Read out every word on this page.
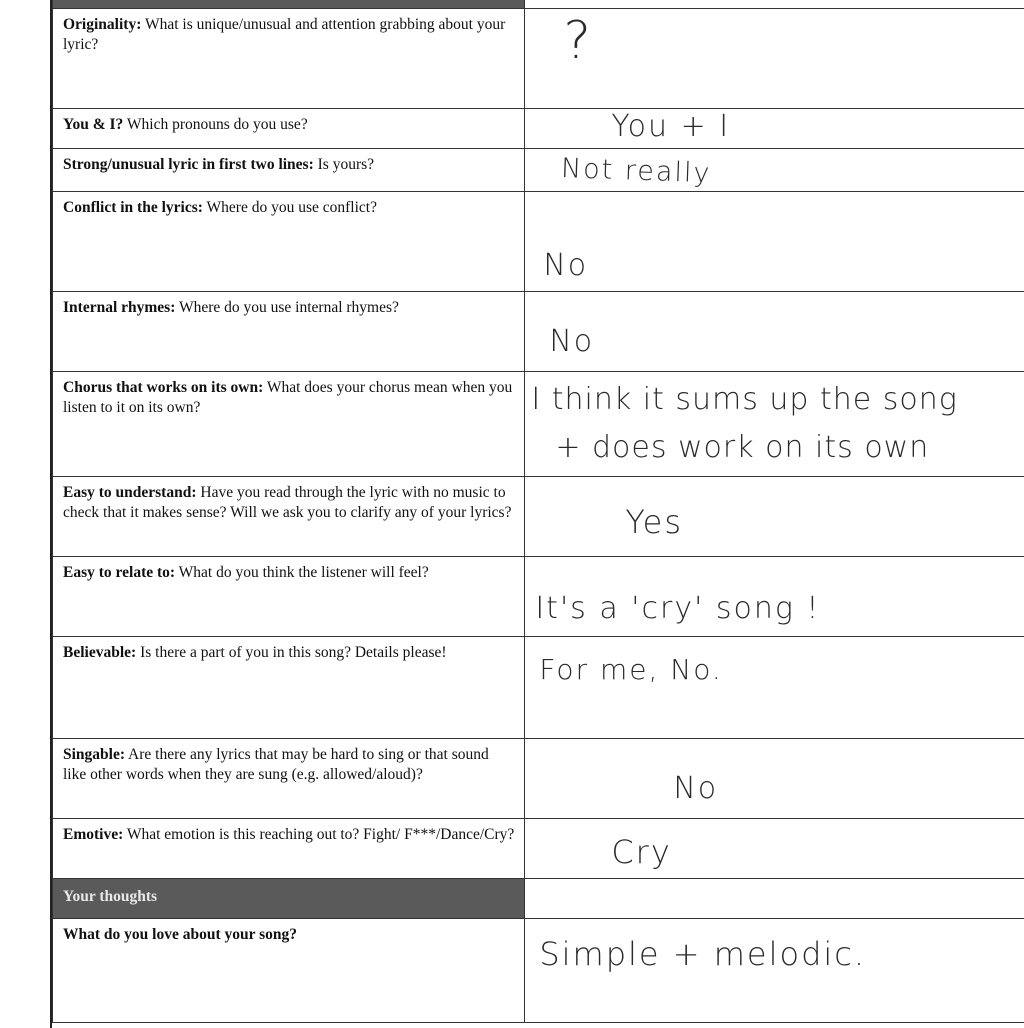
Originality: What is unique/unusual and attention grabbing about your lyric?	?

You & I? Which pronouns do you use?	You + I

Strong/unusual lyric in first two lines: Is yours?	Not really

Conflict in the lyrics: Where do you use conflict?	No

Internal rhymes: Where do you use internal rhymes?	No

Chorus that works on its own: What does your chorus mean when you listen to it on its own?	I think it sums up the song
+ does work on its own

Easy to understand: Have you read through the lyric with no music to check that it makes sense? Will we ask you to clarify any of your lyrics?	Yes

Easy to relate to: What do you think the listener will feel?	It's a 'cry' song !

Believable: Is there a part of you in this song? Details please!	For me, No.

Singable: Are there any lyrics that may be hard to sing or that sound like other words when they are sung (e.g. allowed/aloud)?	No

Emotive: What emotion is this reaching out to? Fight/ F***/Dance/Cry?	Cry

Your thoughts	
What do you love about your song?	Simple + melodic.
